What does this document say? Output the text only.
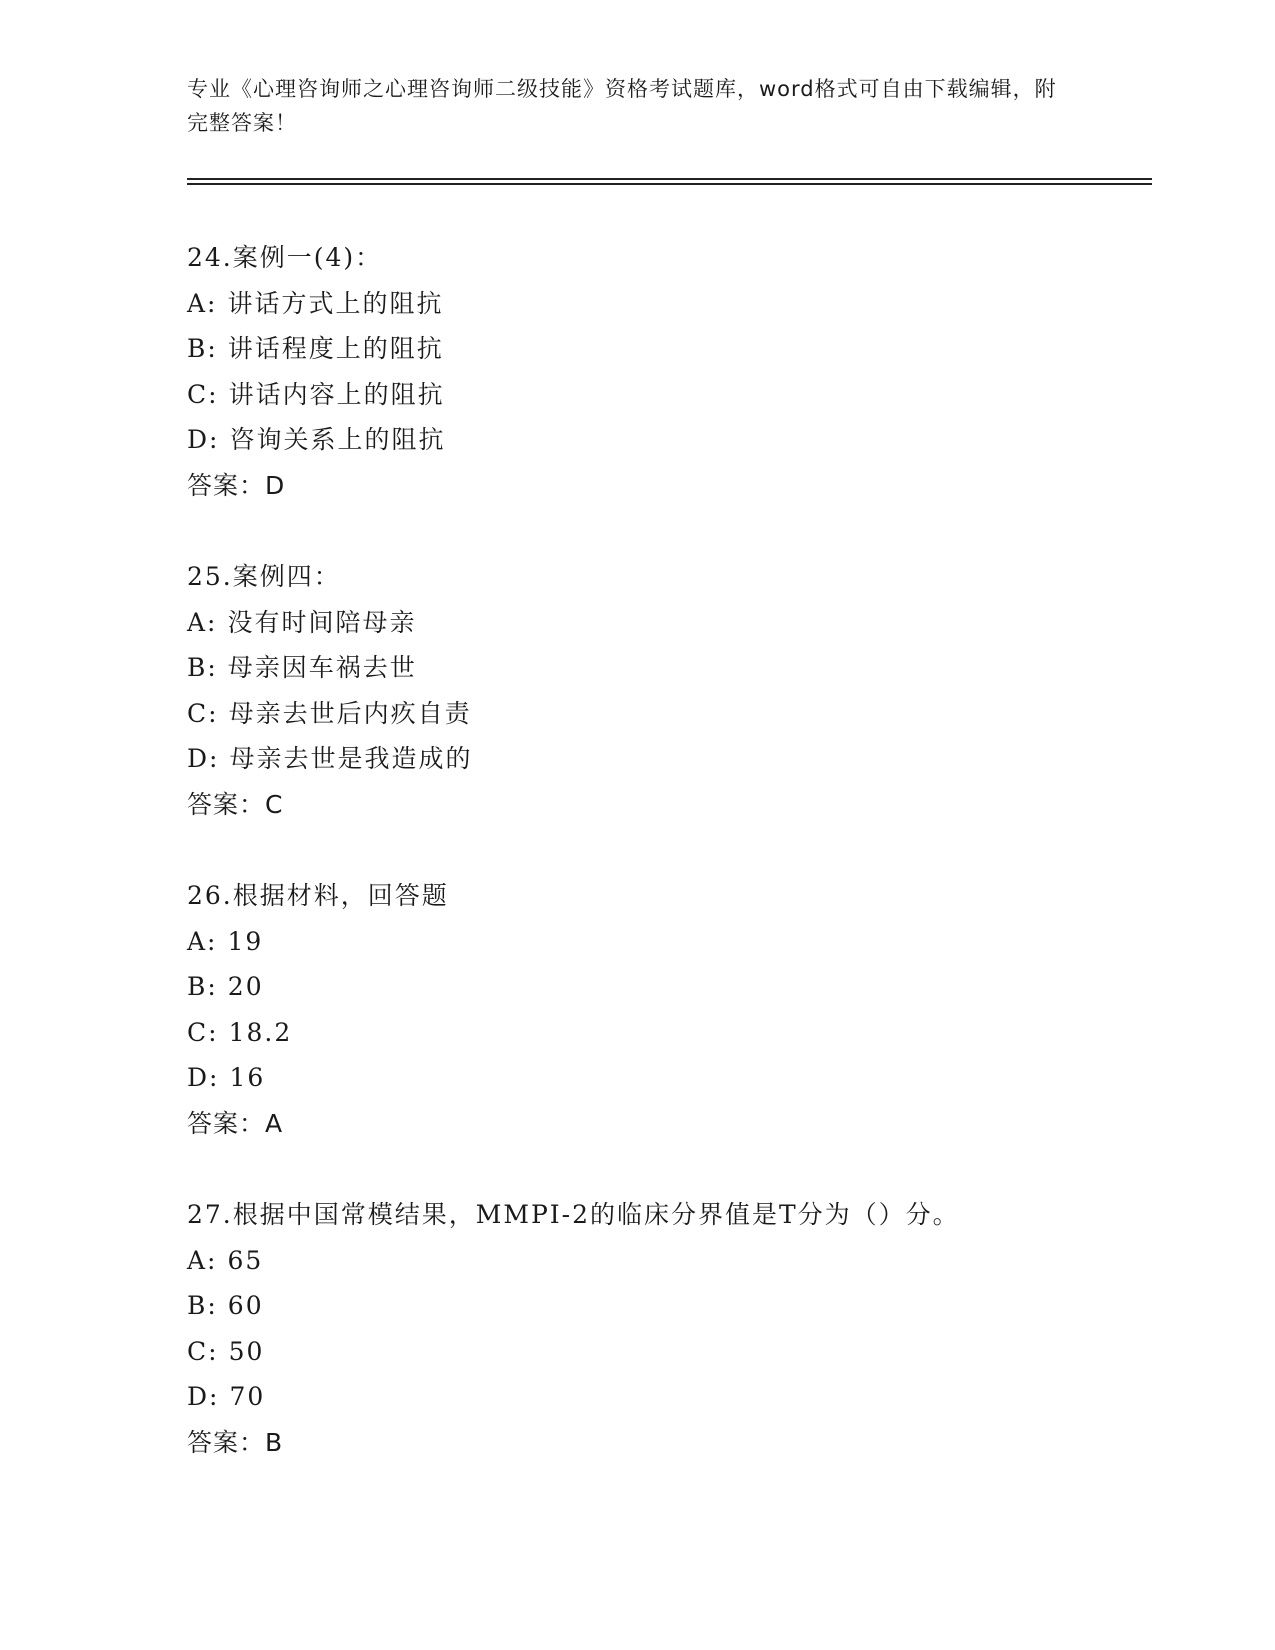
专业《心理咨询师之心理咨询师二级技能》资格考试题库，word格式可自由下载编辑，附完整答案！
24.案例一(4)：
A: 讲话方式上的阻抗
B: 讲话程度上的阻抗
C: 讲话内容上的阻抗
D: 咨询关系上的阻抗
答案：D
25.案例四：
A: 没有时间陪母亲
B: 母亲因车祸去世
C: 母亲去世后内疚自责
D: 母亲去世是我造成的
答案：C
26.根据材料，回答题
A: 19
B: 20
C: 18.2
D: 16
答案：A
27.根据中国常模结果，MMPI-2的临床分界值是T分为（）分。
A: 65
B: 60
C: 50
D: 70
答案：B
